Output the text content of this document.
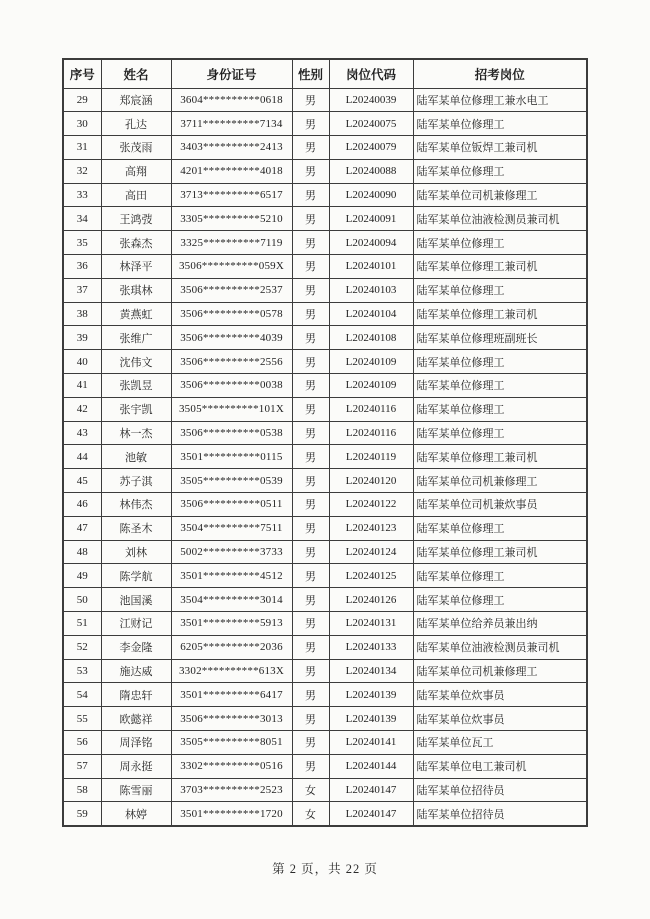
序号	姓名	身份证号	性别	岗位代码	招考岗位
29	郑宸涵	3604**********0618	男	L20240039	陆军某单位修理工兼水电工
30	孔达	3711**********7134	男	L20240075	陆军某单位修理工
31	张茂雨	3403**********2413	男	L20240079	陆军某单位钣焊工兼司机
32	高翔	4201**********4018	男	L20240088	陆军某单位修理工
33	高田	3713**********6517	男	L20240090	陆军某单位司机兼修理工
34	王鸿弢	3305**********5210	男	L20240091	陆军某单位油液检测员兼司机
35	张森杰	3325**********7119	男	L20240094	陆军某单位修理工
36	林泽平	3506**********059X	男	L20240101	陆军某单位修理工兼司机
37	张琪林	3506**********2537	男	L20240103	陆军某单位修理工
38	黄燕虹	3506**********0578	男	L20240104	陆军某单位修理工兼司机
39	张维广	3506**********4039	男	L20240108	陆军某单位修理班副班长
40	沈伟文	3506**********2556	男	L20240109	陆军某单位修理工
41	张凯昱	3506**********0038	男	L20240109	陆军某单位修理工
42	张宇凯	3505**********101X	男	L20240116	陆军某单位修理工
43	林一杰	3506**********0538	男	L20240116	陆军某单位修理工
44	池敏	3501**********0115	男	L20240119	陆军某单位修理工兼司机
45	苏子淇	3505**********0539	男	L20240120	陆军某单位司机兼修理工
46	林伟杰	3506**********0511	男	L20240122	陆军某单位司机兼炊事员
47	陈圣木	3504**********7511	男	L20240123	陆军某单位修理工
48	刘林	5002**********3733	男	L20240124	陆军某单位修理工兼司机
49	陈学航	3501**********4512	男	L20240125	陆军某单位修理工
50	池国溪	3504**********3014	男	L20240126	陆军某单位修理工
51	江财记	3501**********5913	男	L20240131	陆军某单位给养员兼出纳
52	李金隆	6205**********2036	男	L20240133	陆军某单位油液检测员兼司机
53	施达威	3302**********613X	男	L20240134	陆军某单位司机兼修理工
54	隋忠轩	3501**********6417	男	L20240139	陆军某单位炊事员
55	欧懿祥	3506**********3013	男	L20240139	陆军某单位炊事员
56	周泽铭	3505**********8051	男	L20240141	陆军某单位瓦工
57	周永挺	3302**********0516	男	L20240144	陆军某单位电工兼司机
58	陈雪丽	3703**********2523	女	L20240147	陆军某单位招待员
59	林婷	3501**********1720	女	L20240147	陆军某单位招待员
第 2 页，共 22 页
